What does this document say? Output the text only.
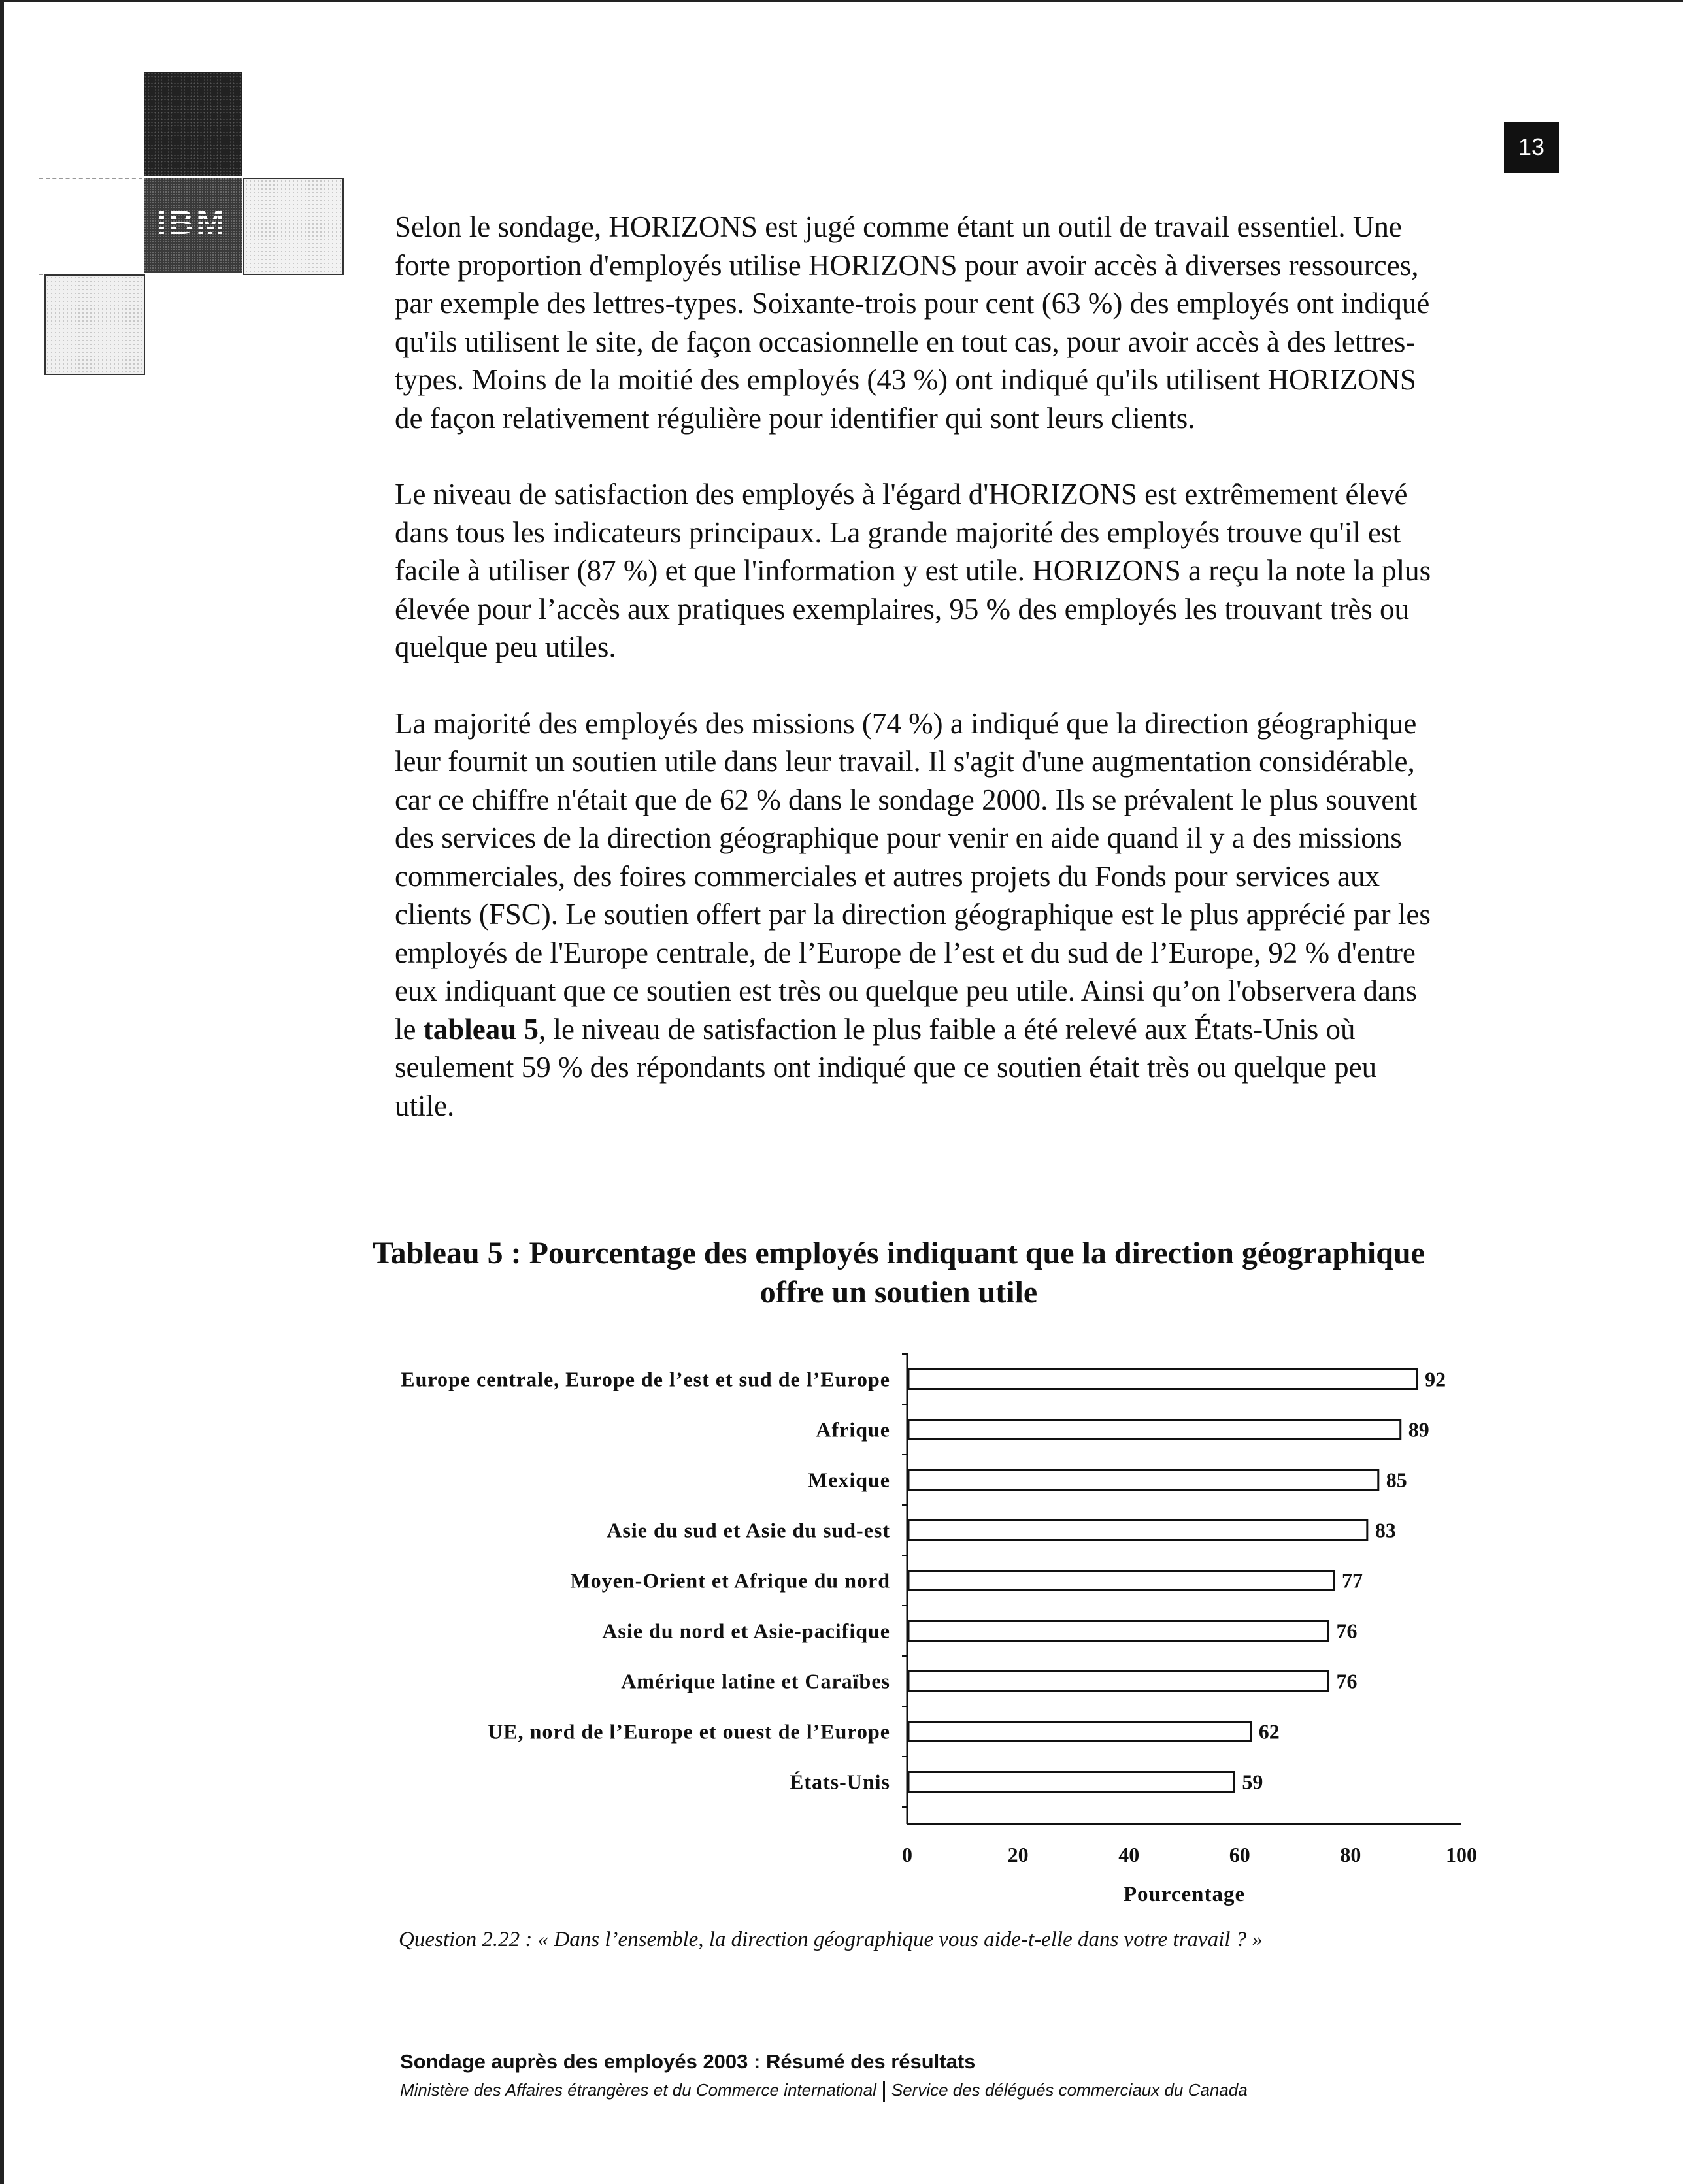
IBM
13

Selon le sondage, HORIZONS est jugé comme étant un outil de travail essentiel. Une forte proportion d'employés utilise HORIZONS pour avoir accès à diverses ressources, par exemple des lettres-types. Soixante-trois pour cent (63 %) des employés ont indiqué qu'ils utilisent le site, de façon occasionnelle en tout cas, pour avoir accès à des lettres-types. Moins de la moitié des employés (43 %) ont indiqué qu'ils utilisent HORIZONS de façon relativement régulière pour identifier qui sont leurs clients.

Le niveau de satisfaction des employés à l'égard d'HORIZONS est extrêmement élevé dans tous les indicateurs principaux. La grande majorité des employés trouve qu'il est facile à utiliser (87 %) et que l'information y est utile. HORIZONS a reçu la note la plus élevée pour l’accès aux pratiques exemplaires, 95 % des employés les trouvant très ou quelque peu utiles.

La majorité des employés des missions (74 %) a indiqué que la direction géographique leur fournit un soutien utile dans leur travail. Il s'agit d'une augmentation considérable, car ce chiffre n'était que de 62 % dans le sondage 2000. Ils se prévalent le plus souvent des services de la direction géographique pour venir en aide quand il y a des missions commerciales, des foires commerciales et autres projets du Fonds pour services aux clients (FSC). Le soutien offert par la direction géographique est le plus apprécié par les employés de l'Europe centrale, de l’Europe de l’est et du sud de l’Europe, 92 % d'entre eux indiquant que ce soutien est très ou quelque peu utile. Ainsi qu’on l'observera dans le tableau 5, le niveau de satisfaction le plus faible a été relevé aux États-Unis où seulement 59 % des répondants ont indiqué que ce soutien était très ou quelque peu utile.

Tableau 5 : Pourcentage des employés indiquant que la direction géographique offre un soutien utile
Europe centrale, Europe de l’est et sud de l’Europe	92
Afrique	89
Mexique	85
Asie du sud et Asie du sud-est	83
Moyen-Orient et Afrique du nord	77
Asie du nord et Asie-pacifique	76
Amérique latine et Caraïbes	76
UE, nord de l’Europe et ouest de l’Europe	62
États-Unis	59
0	20	40	60	80	100
Pourcentage
Question 2.22 : « Dans l’ensemble, la direction géographique vous aide-t-elle dans votre travail ? »
Sondage auprès des employés 2003 : Résumé des résultats
Ministère des Affaires étrangères et du Commerce international Service des délégués commerciaux du Canada
